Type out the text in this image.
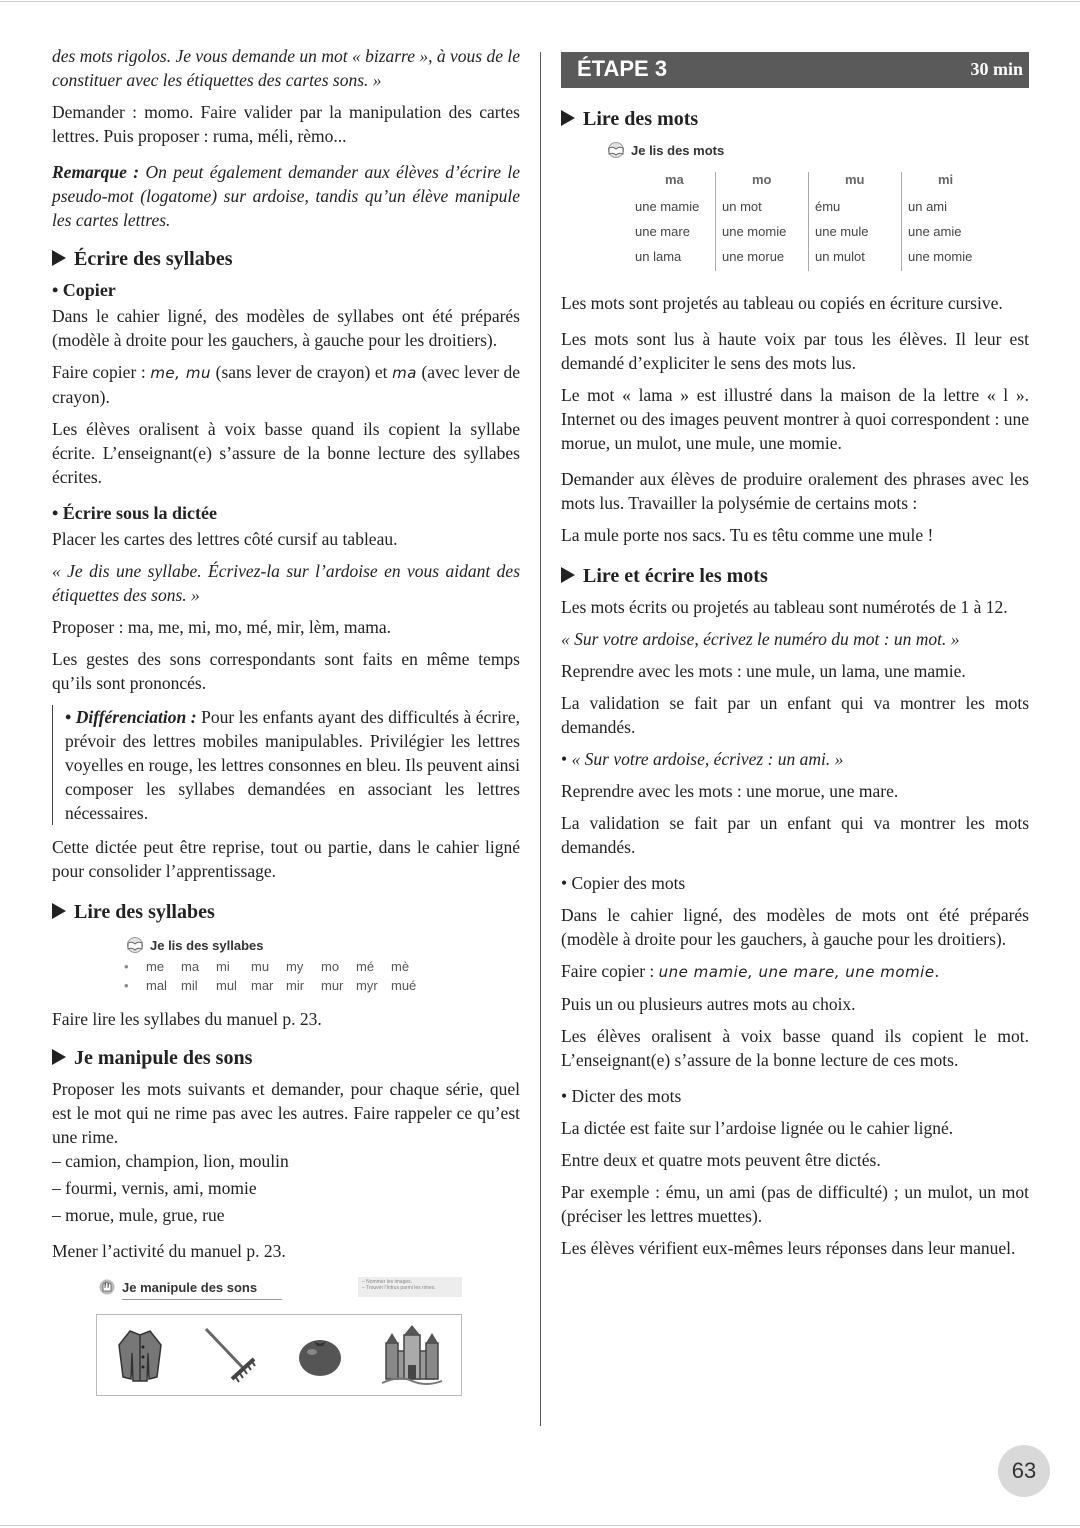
des mots rigolos. Je vous demande un mot « bizarre », à vous de le constituer avec les étiquettes des cartes sons. »

Demander : momo. Faire valider par la manipulation des cartes lettres. Puis proposer : ruma, méli, rèmo...

Remarque : On peut également demander aux élèves d’écrire le pseudo-mot (logatome) sur ardoise, tandis qu’un élève manipule les cartes lettres.

Écrire des syllabes
• Copier

Dans le cahier ligné, des modèles de syllabes ont été préparés (modèle à droite pour les gauchers, à gauche pour les droitiers).

Faire copier : me, mu (sans lever de crayon) et ma (avec lever de crayon).

Les élèves oralisent à voix basse quand ils copient la syllabe écrite. L’enseignant(e) s’assure de la bonne lecture des syllabes écrites.

• Écrire sous la dictée

Placer les cartes des lettres côté cursif au tableau.

« Je dis une syllabe. Écrivez-la sur l’ardoise en vous aidant des étiquettes des sons. »

Proposer : ma, me, mi, mo, mé, mir, lèm, mama.

Les gestes des sons correspondants sont faits en même temps qu’ils sont prononcés.

• Différenciation : Pour les enfants ayant des difficultés à écrire, prévoir des lettres mobiles manipulables. Privilégier les lettres voyelles en rouge, les lettres consonnes en bleu. Ils peuvent ainsi composer les syllabes demandées en associant les lettres nécessaires.

Cette dictée peut être reprise, tout ou partie, dans le cahier ligné pour consolider l’apprentissage.

Lire des syllabes
Je lis des syllabes
• me ma mi mu my mo mé mè
• mal mil mul mar mir mur myr mué

Faire lire les syllabes du manuel p. 23.

Je manipule des sons

Proposer les mots suivants et demander, pour chaque série, quel est le mot qui ne rime pas avec les autres. Faire rappeler ce qu’est une rime.

– camion, champion, lion, moulin

– fourmi, vernis, ami, momie

– morue, mule, grue, rue

Mener l’activité du manuel p. 23.

Je manipule des sons	– Nommer les images.
– Trouver l’intrus parmi les rimes.
ÉTAPE 3	30 min
Lire des mots
Je lis des mots
ma
une mamie
une mare
un lama
mo
un mot
une momie
une morue
mu
ému
une mule
un mulot
mi
un ami
une amie
une momie

Les mots sont projetés au tableau ou copiés en écriture cursive.

Les mots sont lus à haute voix par tous les élèves. Il leur est demandé d’expliciter le sens des mots lus.

Le mot « lama » est illustré dans la maison de la lettre « l ». Internet ou des images peuvent montrer à quoi correspondent : une morue, un mulot, une mule, une momie.

Demander aux élèves de produire oralement des phrases avec les mots lus. Travailler la polysémie de certains mots :

La mule porte nos sacs. Tu es têtu comme une mule !

Lire et écrire les mots

Les mots écrits ou projetés au tableau sont numérotés de 1 à 12.

« Sur votre ardoise, écrivez le numéro du mot : un mot. »

Reprendre avec les mots : une mule, un lama, une mamie.

La validation se fait par un enfant qui va montrer les mots demandés.

• « Sur votre ardoise, écrivez : un ami. »

Reprendre avec les mots : une morue, une mare.

La validation se fait par un enfant qui va montrer les mots demandés.

• Copier des mots

Dans le cahier ligné, des modèles de mots ont été préparés (modèle à droite pour les gauchers, à gauche pour les droitiers).

Faire copier : une mamie, une mare, une momie.

Puis un ou plusieurs autres mots au choix.

Les élèves oralisent à voix basse quand ils copient le mot. L’enseignant(e) s’assure de la bonne lecture de ces mots.

• Dicter des mots

La dictée est faite sur l’ardoise lignée ou le cahier ligné.

Entre deux et quatre mots peuvent être dictés.

Par exemple : ému, un ami (pas de difficulté) ; un mulot, un mot (préciser les lettres muettes).

Les élèves vérifient eux-mêmes leurs réponses dans leur manuel.

63
